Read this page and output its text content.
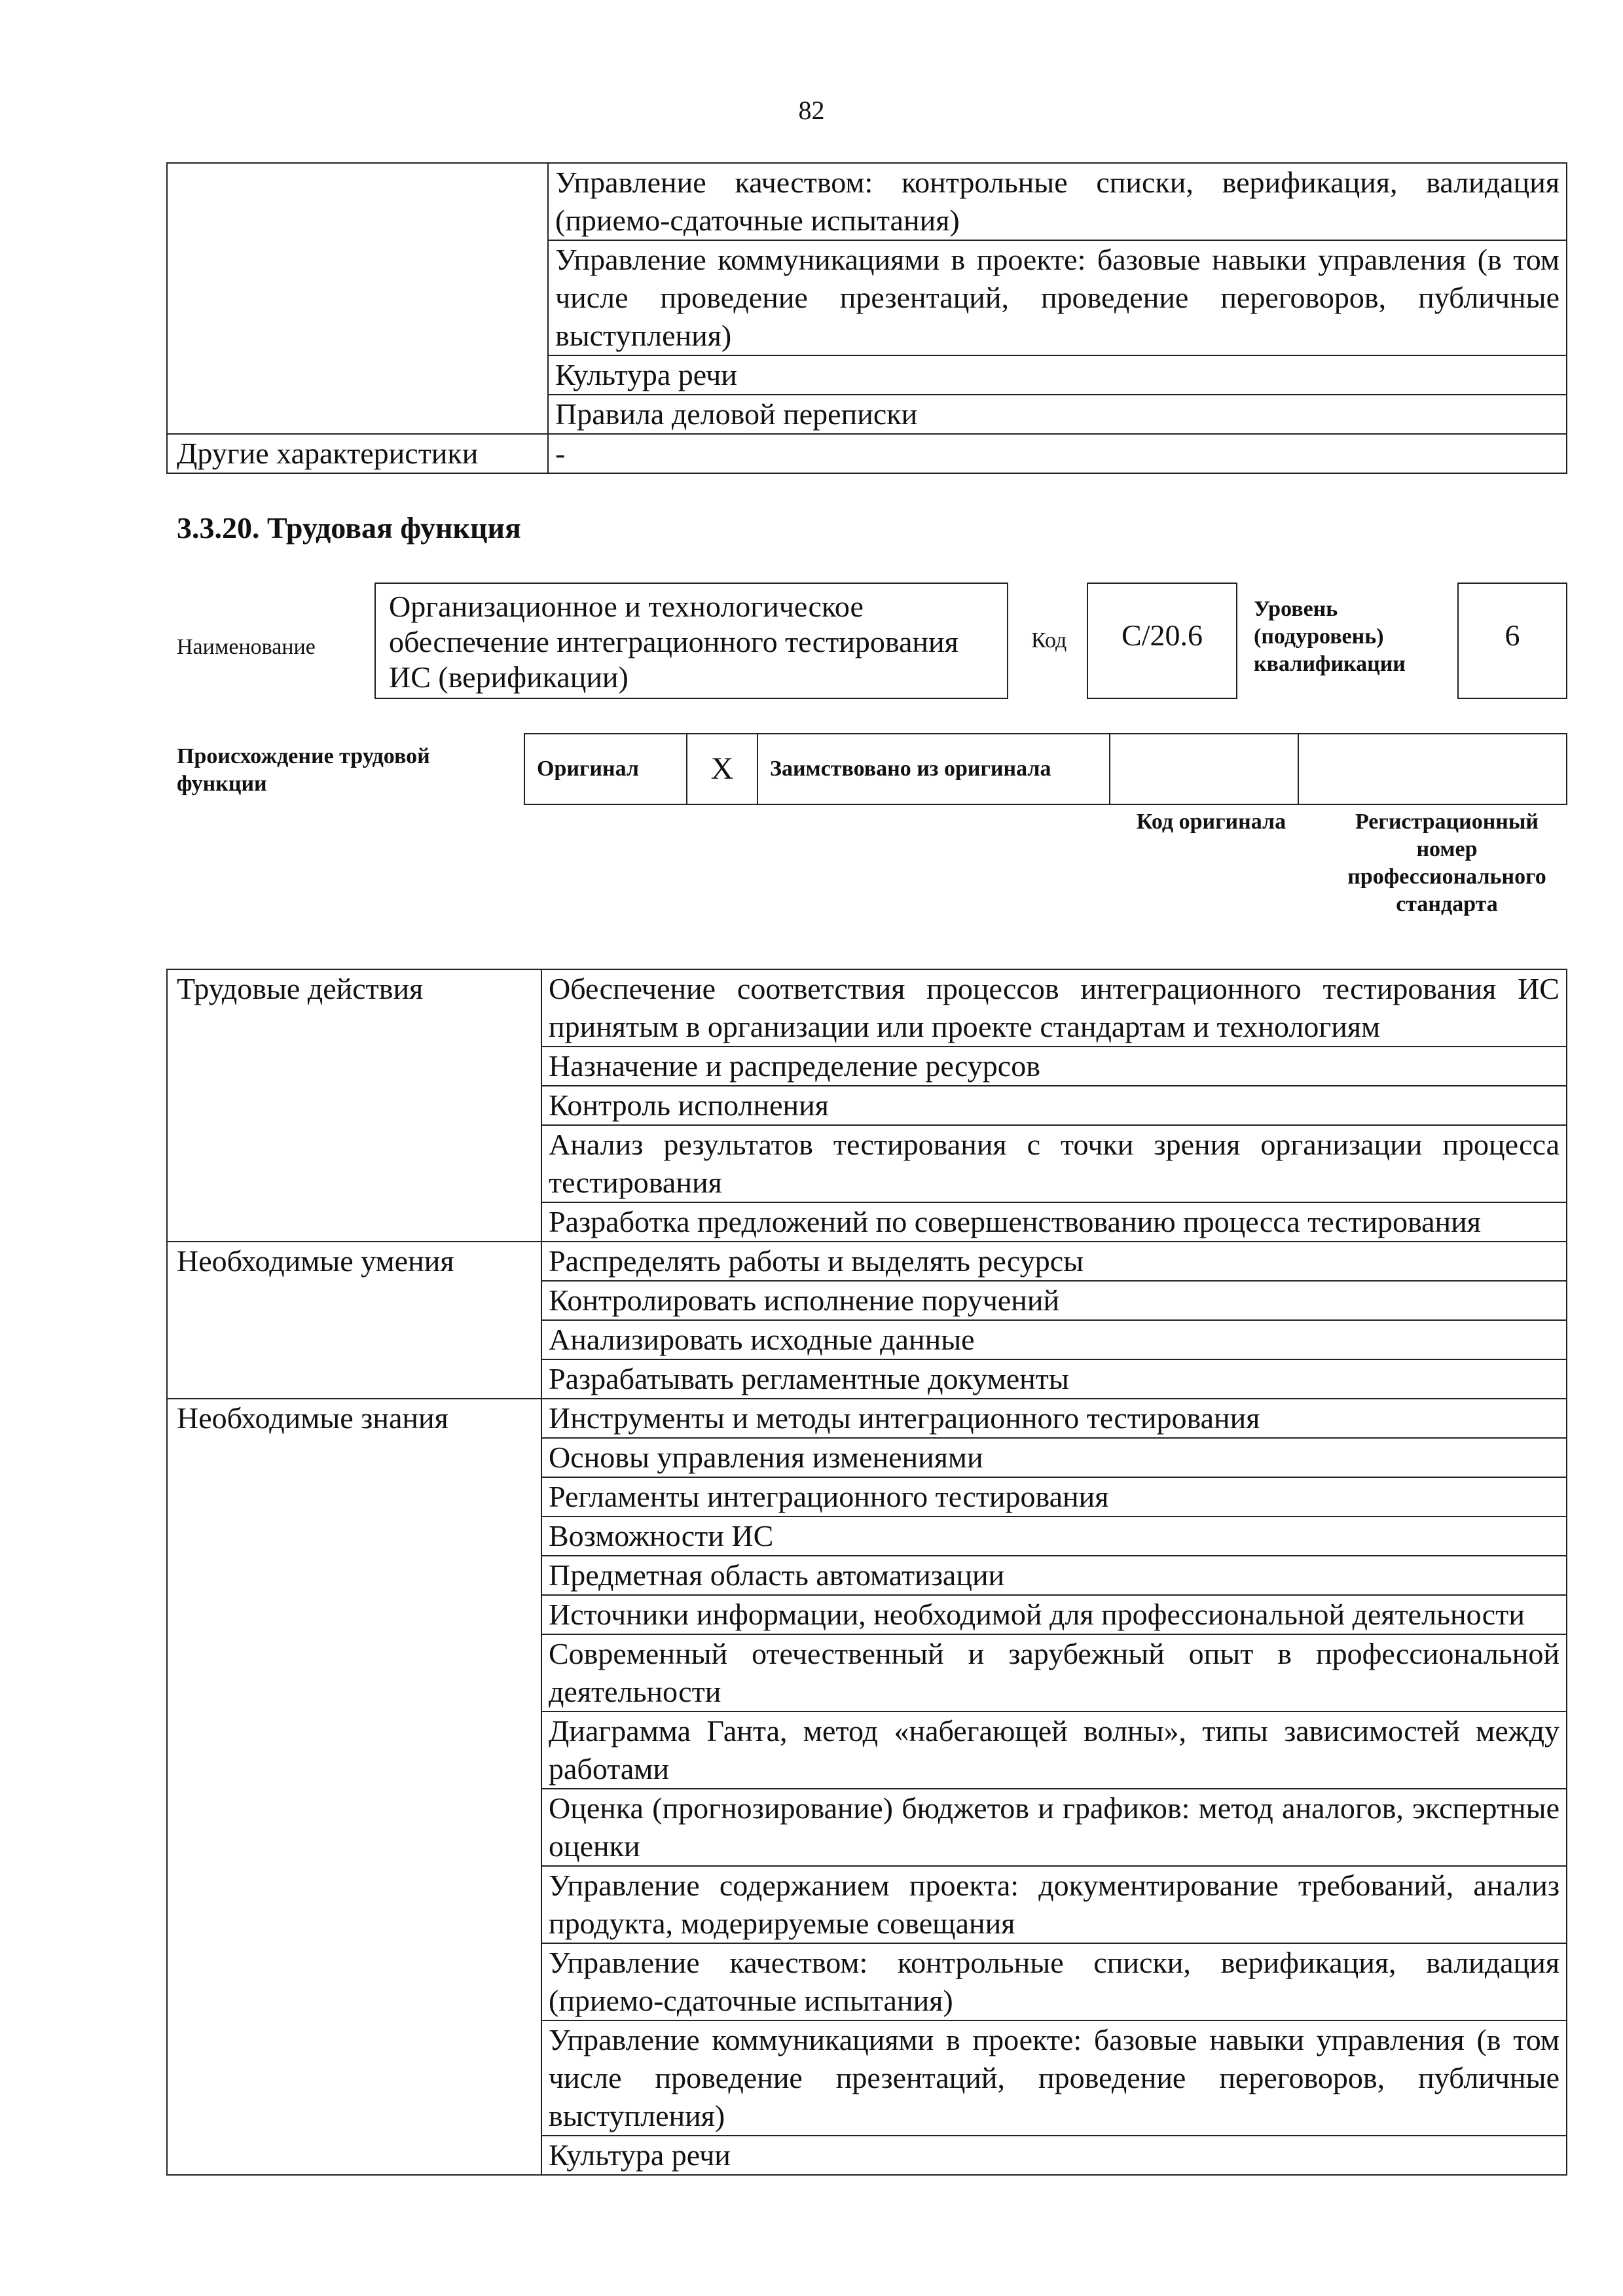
82
	Управление качеством: контрольные списки, верификация, валидация (приемо-сдаточные испытания)
	Управление коммуникациями в проекте: базовые навыки управления (в том числе проведение презентаций, проведение переговоров, публичные выступления)
	Культура речи
	Правила деловой переписки
Другие характеристики	-
3.3.20. Трудовая функция
Наименование
Организационное и технологическое обеспечение интеграционного тестирования ИС (верификации)
Код	C/20.6
Уровень (подуровень) квалификации
6
Происхождение трудовой функции
Оригинал	X	Заимствовано из оригинала		
Код оригинала	Регистрационный номер профессионального стандарта
Трудовые действия	Обеспечение соответствия процессов интеграционного тестирования ИС принятым в организации или проекте стандартам и технологиям
	Назначение и распределение ресурсов
	Контроль исполнения
	Анализ результатов тестирования с точки зрения организации процесса тестирования
	Разработка предложений по совершенствованию процесса тестирования
Необходимые умения	Распределять работы и выделять ресурсы
	Контролировать исполнение поручений
	Анализировать исходные данные
	Разрабатывать регламентные документы
Необходимые знания	Инструменты и методы интеграционного тестирования
	Основы управления изменениями
	Регламенты интеграционного тестирования
	Возможности ИС
	Предметная область автоматизации
	Источники информации, необходимой для профессиональной деятельности
	Современный отечественный и зарубежный опыт в профессиональной деятельности
	Диаграмма Ганта, метод «набегающей волны», типы зависимостей между работами
	Оценка (прогнозирование) бюджетов и графиков: метод аналогов, экспертные оценки
	Управление содержанием проекта: документирование требований, анализ продукта, модерируемые совещания
	Управление качеством: контрольные списки, верификация, валидация (приемо-сдаточные испытания)
	Управление коммуникациями в проекте: базовые навыки управления (в том числе проведение презентаций, проведение переговоров, публичные выступления)
	Культура речи
